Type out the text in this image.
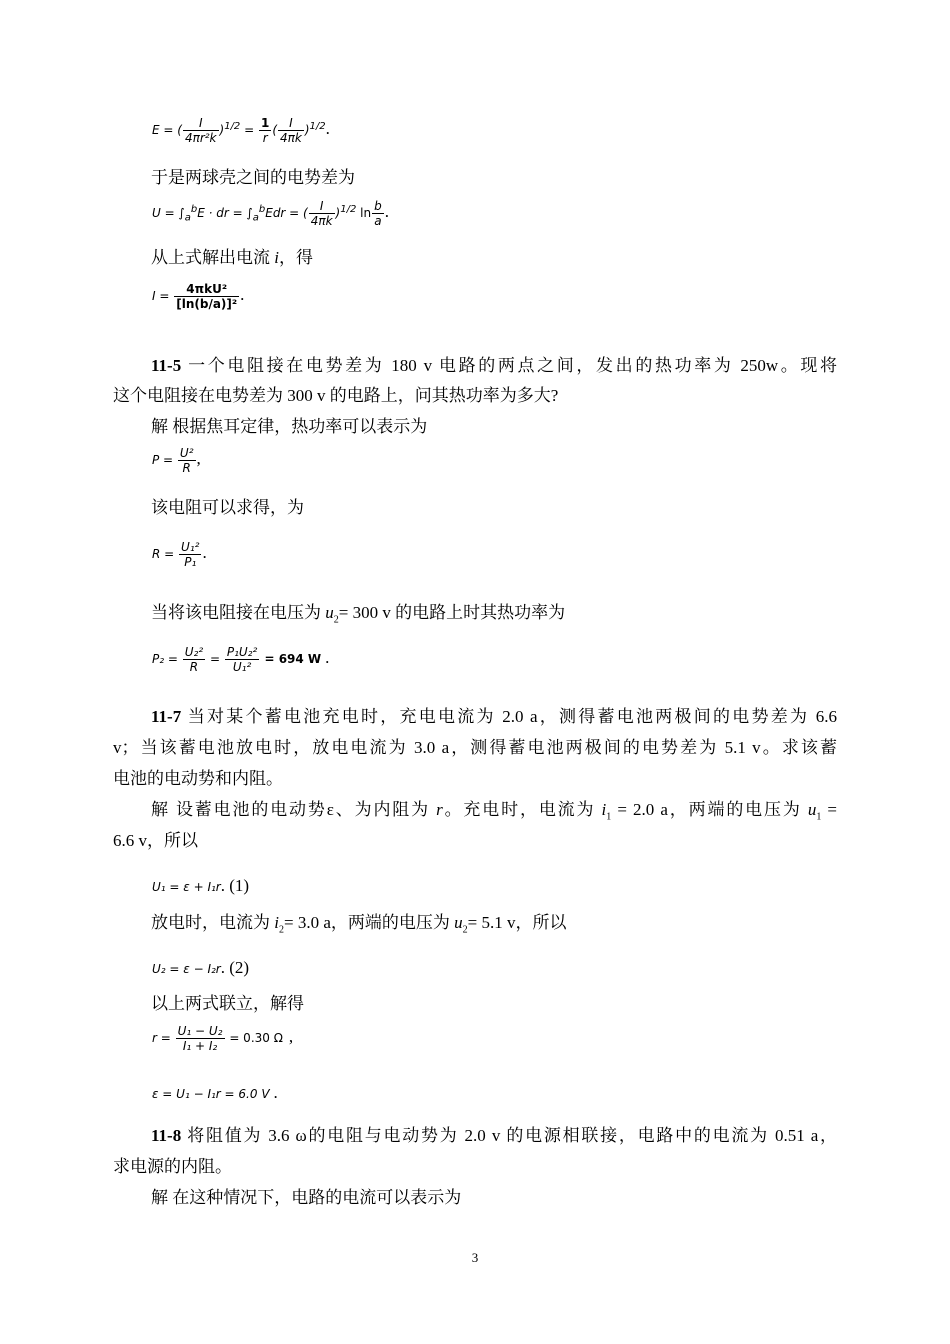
E = ( $\frac{I}{\text{4πr²k}} )^{1/2} = \frac{1}{r}$ ( $\frac{I}{4\pi k} )^{1/2}$.
于是两球壳之间的电势差为
$U = \int_a^bE$ · dr = $\int_a^bEdr$ = ( $\frac{I}{4\pi k} )^{1/2}$ $\ln \frac{b}{a}$ .
从上式解出电流 i，得
I =	4πkU²
[ln(b/a)]² .
11-5 一个电阻接在电势差为 180 v 电路的两点之间，发出的热功率为 250w。现将
这个电阻接在电势差为 300 v 的电路上，问其热功率为多大?
解 根据焦耳定律，热功率可以表示为
$P = \frac{\text{U²}}{R}$ ,
该电阻可以求得，为
$R = \frac{\text{U₁²}}{\text{P₁}}$ .
当将该电阻接在电压为 $u_2= 300$ v 的电路上时其热功率为
$P_2 = \frac{\text{U₂²}}{R} = \frac{\text{P₁U₂²}}{\text{U₁²}} = 694$ W .
11-7 当对某个蓄电池充电时，充电电流为 2.0 a，测得蓄电池两极间的电势差为 6.6
v；当该蓄电池放电时，放电电流为 3.0 a，测得蓄电池两极间的电势差为 5.1 v。求该蓄
电池的电动势和内阻。
解 设蓄电池的电动势ε、为内阻为 r。充电时，电流为 $i_1 = 2.0$ a，两端的电压为 $u_1$ =
6.6 v，所以
U₁ = ε + I₁r. (1)
放电时，电流为 $i_2= 3.0$ a，两端的电压为 $u_2= 5.1$ v，所以
U₂ = ε − I₂r. (2)
以上两式联立，解得
$r = \frac{\text{U₁ − U₂}}{\text{I₁ + I₂}} = 0.30$ Ω ,
ε = U₁ − I₁r = 6.0 V .
11-8 将阻值为 3.6 ω的电阻与电动势为 2.0 v 的电源相联接，电路中的电流为 0.51 a，
求电源的内阻。
解 在这种情况下，电路的电流可以表示为
3
